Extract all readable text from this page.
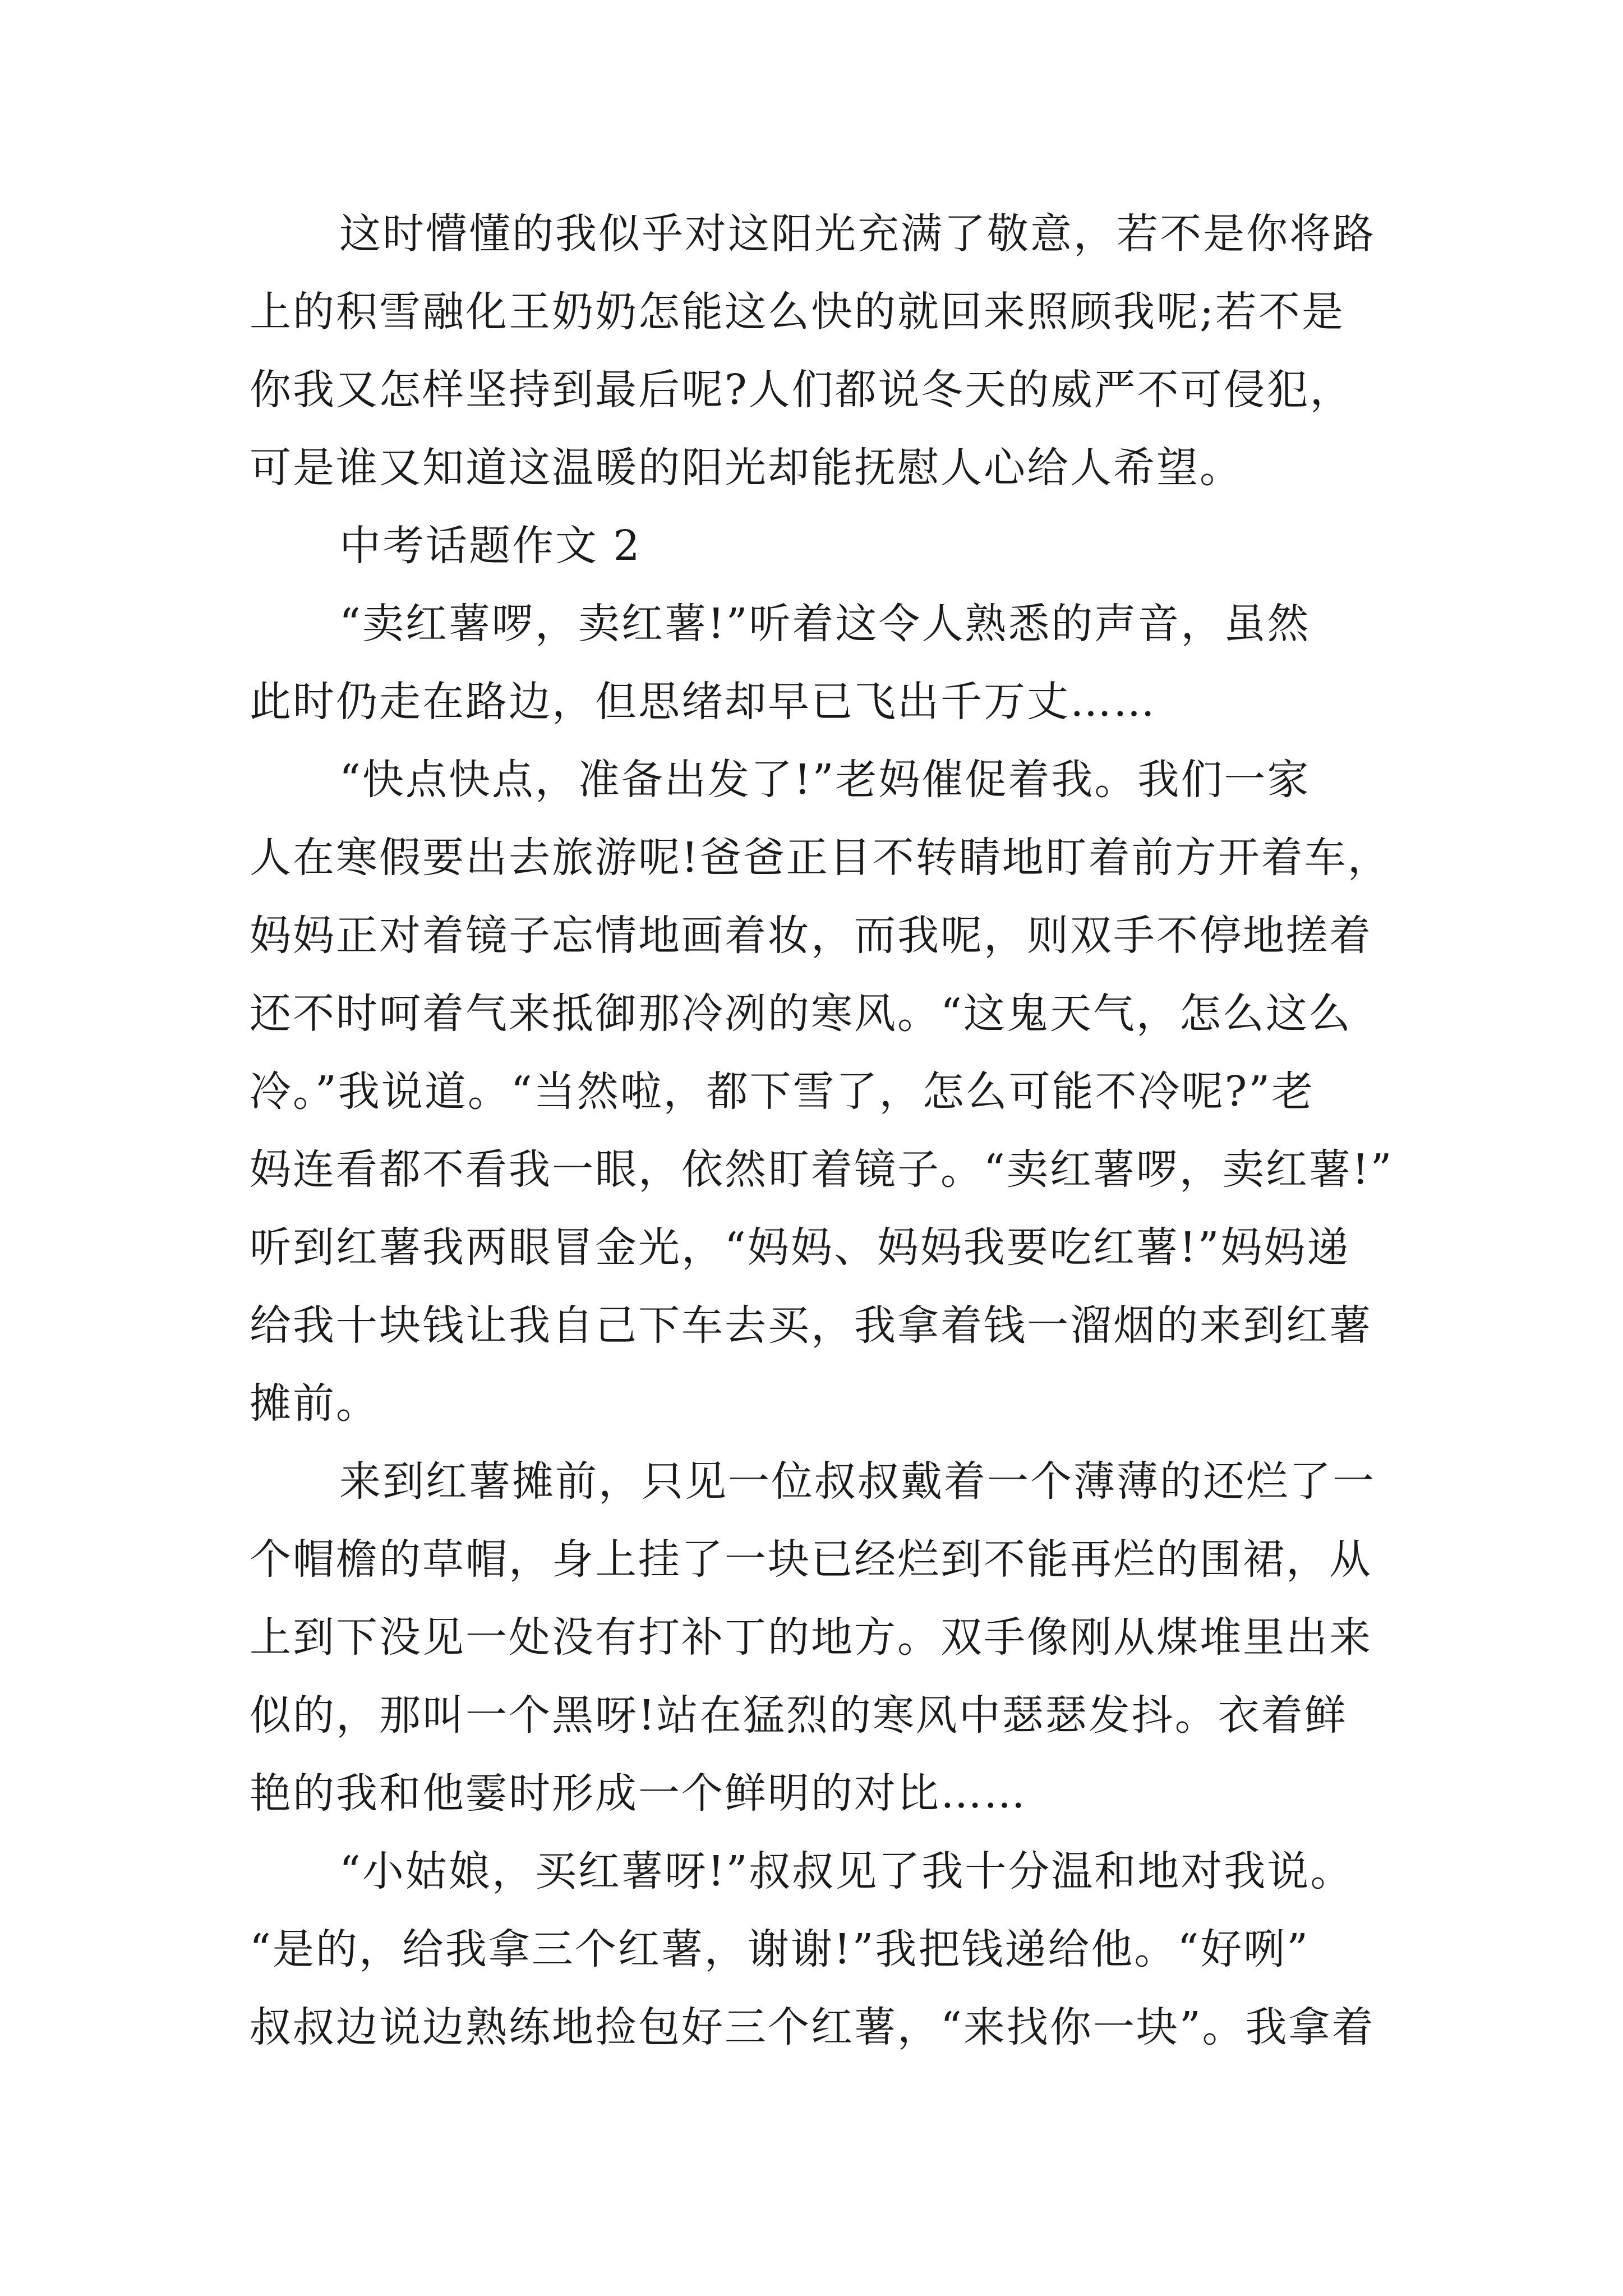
这时懵懂的我似乎对这阳光充满了敬意，若不是你将路
上的积雪融化王奶奶怎能这么快的就回来照顾我呢;若不是
你我又怎样坚持到最后呢?人们都说冬天的威严不可侵犯，
可是谁又知道这温暖的阳光却能抚慰人心给人希望。
中考话题作文 2
“卖红薯啰，卖红薯!”听着这令人熟悉的声音，虽然
此时仍走在路边，但思绪却早已飞出千万丈……
“快点快点，准备出发了!”老妈催促着我。我们一家
人在寒假要出去旅游呢!爸爸正目不转睛地盯着前方开着车，
妈妈正对着镜子忘情地画着妆，而我呢，则双手不停地搓着
还不时呵着气来抵御那冷冽的寒风。“这鬼天气，怎么这么
冷。”我说道。“当然啦，都下雪了，怎么可能不冷呢?”老
妈连看都不看我一眼，依然盯着镜子。“卖红薯啰，卖红薯!”
听到红薯我两眼冒金光，“妈妈、妈妈我要吃红薯!”妈妈递
给我十块钱让我自己下车去买，我拿着钱一溜烟的来到红薯
摊前。
来到红薯摊前，只见一位叔叔戴着一个薄薄的还烂了一
个帽檐的草帽，身上挂了一块已经烂到不能再烂的围裙，从
上到下没见一处没有打补丁的地方。双手像刚从煤堆里出来
似的，那叫一个黑呀!站在猛烈的寒风中瑟瑟发抖。衣着鲜
艳的我和他霎时形成一个鲜明的对比……
“小姑娘，买红薯呀!”叔叔见了我十分温和地对我说。
“是的，给我拿三个红薯，谢谢!”我把钱递给他。“好咧”
叔叔边说边熟练地捡包好三个红薯，“来找你一块”。我拿着
